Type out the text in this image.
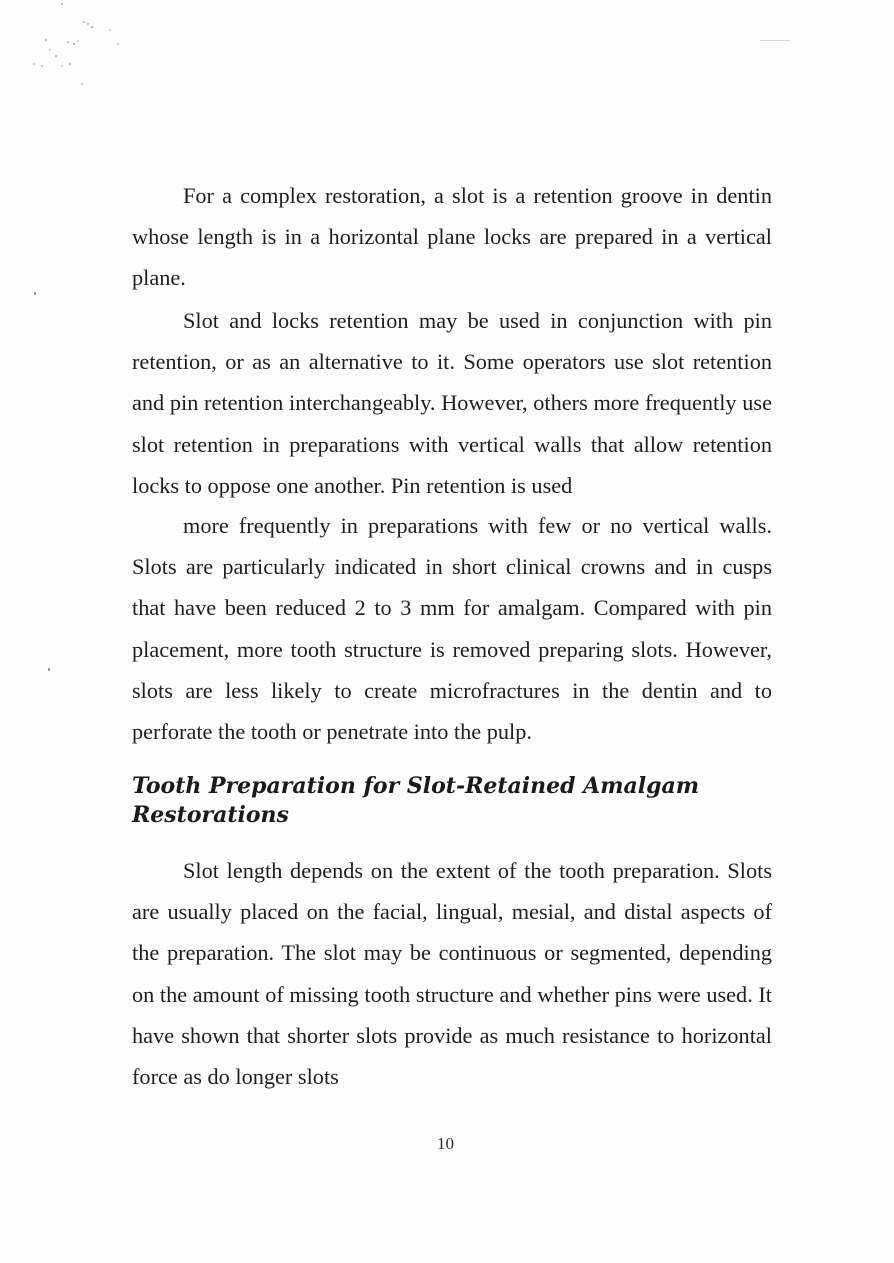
For a complex restoration, a slot is a retention groove in dentin whose length is in a horizontal plane locks are prepared in a vertical plane.

Slot and locks retention may be used in conjunction with pin retention, or as an alternative to it. Some operators use slot retention and pin retention interchangeably. However, others more frequently use slot retention in preparations with vertical walls that allow retention locks to oppose one another. Pin retention is used

more frequently in preparations with few or no vertical walls. Slots are particularly indicated in short clinical crowns and in cusps that have been reduced 2 to 3 mm for amalgam. Compared with pin placement, more tooth structure is removed preparing slots. However, slots are less likely to create microfractures in the dentin and to perforate the tooth or penetrate into the pulp.

Tooth Preparation for Slot-Retained Amalgam Restorations

Slot length depends on the extent of the tooth preparation. Slots are usually placed on the facial, lingual, mesial, and distal aspects of the preparation. The slot may be continuous or segmented, depending on the amount of missing tooth structure and whether pins were used. It have shown that shorter slots provide as much resistance to horizontal force as do longer slots

10
